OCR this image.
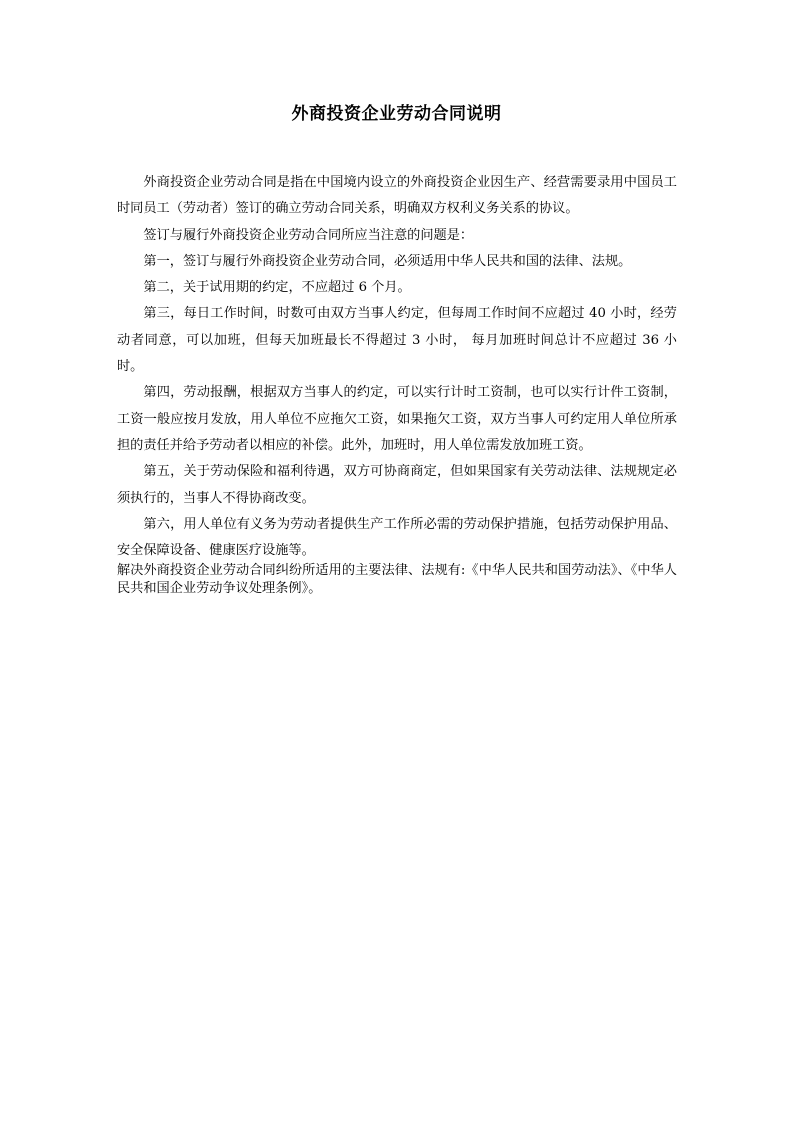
外商投资企业劳动合同说明

外商投资企业劳动合同是指在中国境内设立的外商投资企业因生产、经营需要录用中国员工时同员工（劳动者）签订的确立劳动合同关系，明确双方权利义务关系的协议。

签订与履行外商投资企业劳动合同所应当注意的问题是：

第一，签订与履行外商投资企业劳动合同，必须适用中华人民共和国的法律、法规。

第二，关于试用期的约定，不应超过 6 个月。

第三，每日工作时间，时数可由双方当事人约定，但每周工作时间不应超过 40 小时，经劳动者同意，可以加班，但每天加班最长不得超过 3 小时， 每月加班时间总计不应超过 36 小时。

第四，劳动报酬，根据双方当事人的约定，可以实行计时工资制，也可以实行计件工资制，工资一般应按月发放，用人单位不应拖欠工资，如果拖欠工资，双方当事人可约定用人单位所承担的责任并给予劳动者以相应的补偿。此外，加班时，用人单位需发放加班工资。

第五，关于劳动保险和福利待遇，双方可协商商定，但如果国家有关劳动法律、法规规定必须执行的，当事人不得协商改变。

第六，用人单位有义务为劳动者提供生产工作所必需的劳动保护措施，包括劳动保护用品、安全保障设备、健康医疗设施等。

解决外商投资企业劳动合同纠纷所适用的主要法律、法规有:《中华人民共和国劳动法》、《中华人民共和国企业劳动争议处理条例》。
